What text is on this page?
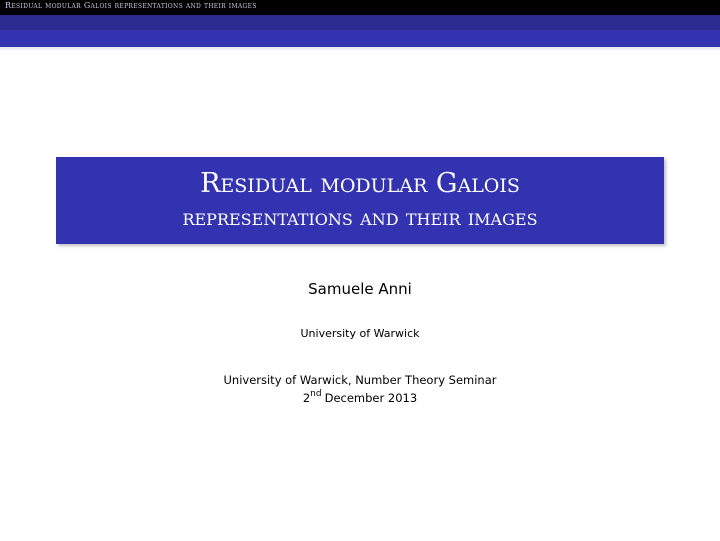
Residual modular Galois representations and their images
Residual modular Galois
representations and their images
Samuele Anni
University of Warwick
University of Warwick, Number Theory Seminar
2nd December 2013
